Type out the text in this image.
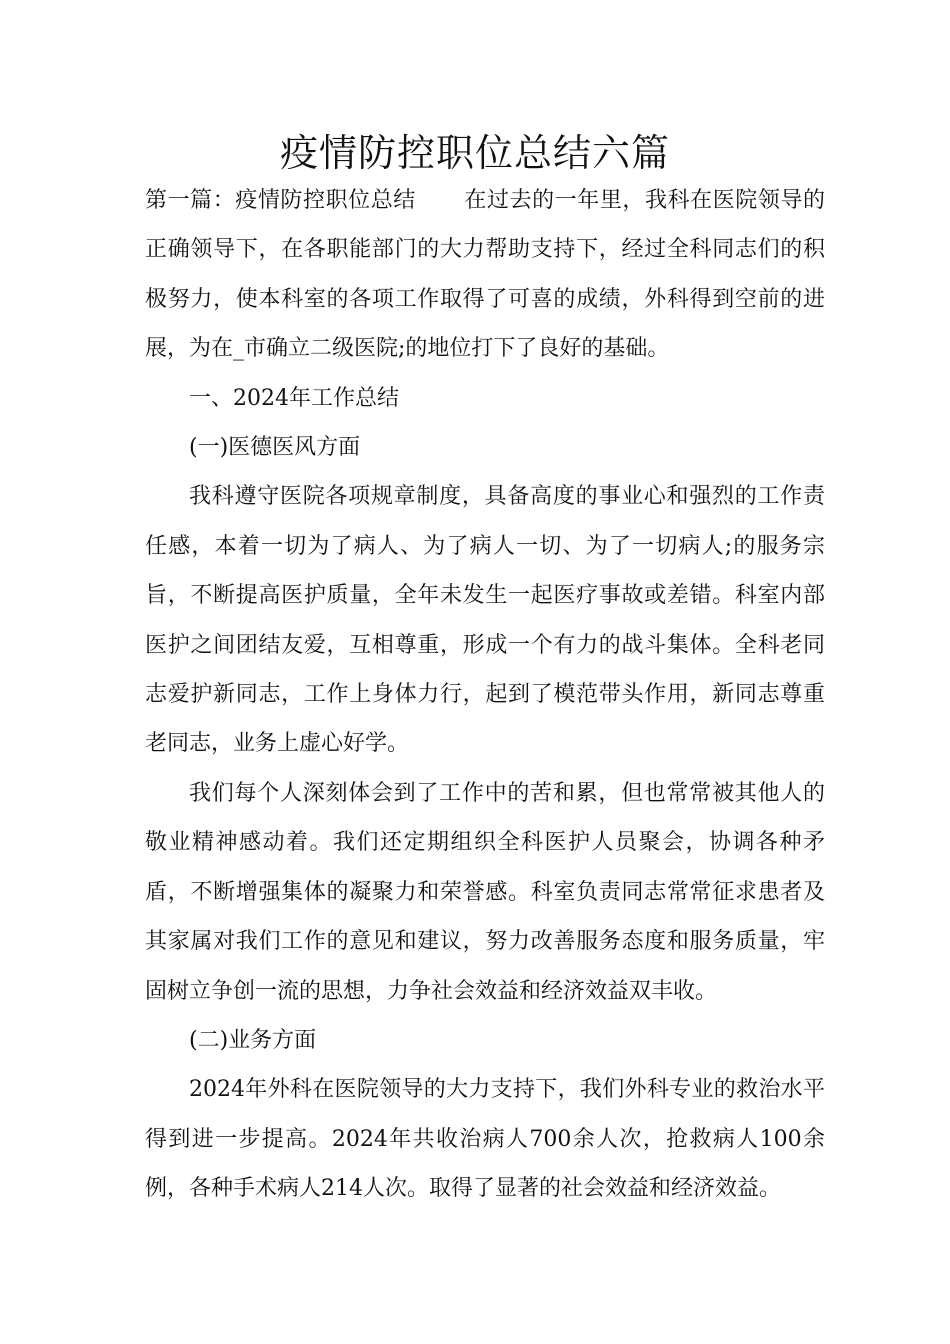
疫情防控职位总结六篇

第一篇：疫情防控职位总结 在过去的一年里，我科在医院领导的正确领导下，在各职能部门的大力帮助支持下，经过全科同志们的积极努力，使本科室的各项工作取得了可喜的成绩，外科得到空前的进展，为在_市确立二级医院;的地位打下了良好的基础。

一、2024年工作总结

(一)医德医风方面

我科遵守医院各项规章制度，具备高度的事业心和强烈的工作责任感，本着一切为了病人、为了病人一切、为了一切病人;的服务宗旨，不断提高医护质量，全年未发生一起医疗事故或差错。科室内部医护之间团结友爱，互相尊重，形成一个有力的战斗集体。全科老同志爱护新同志，工作上身体力行，起到了模范带头作用，新同志尊重老同志，业务上虚心好学。

我们每个人深刻体会到了工作中的苦和累，但也常常被其他人的敬业精神感动着。我们还定期组织全科医护人员聚会，协调各种矛盾，不断增强集体的凝聚力和荣誉感。科室负责同志常常征求患者及其家属对我们工作的意见和建议，努力改善服务态度和服务质量，牢固树立争创一流的思想，力争社会效益和经济效益双丰收。

(二)业务方面

2024年外科在医院领导的大力支持下，我们外科专业的救治水平得到进一步提高。2024年共收治病人700余人次，抢救病人100余例，各种手术病人214人次。取得了显著的社会效益和经济效益。
